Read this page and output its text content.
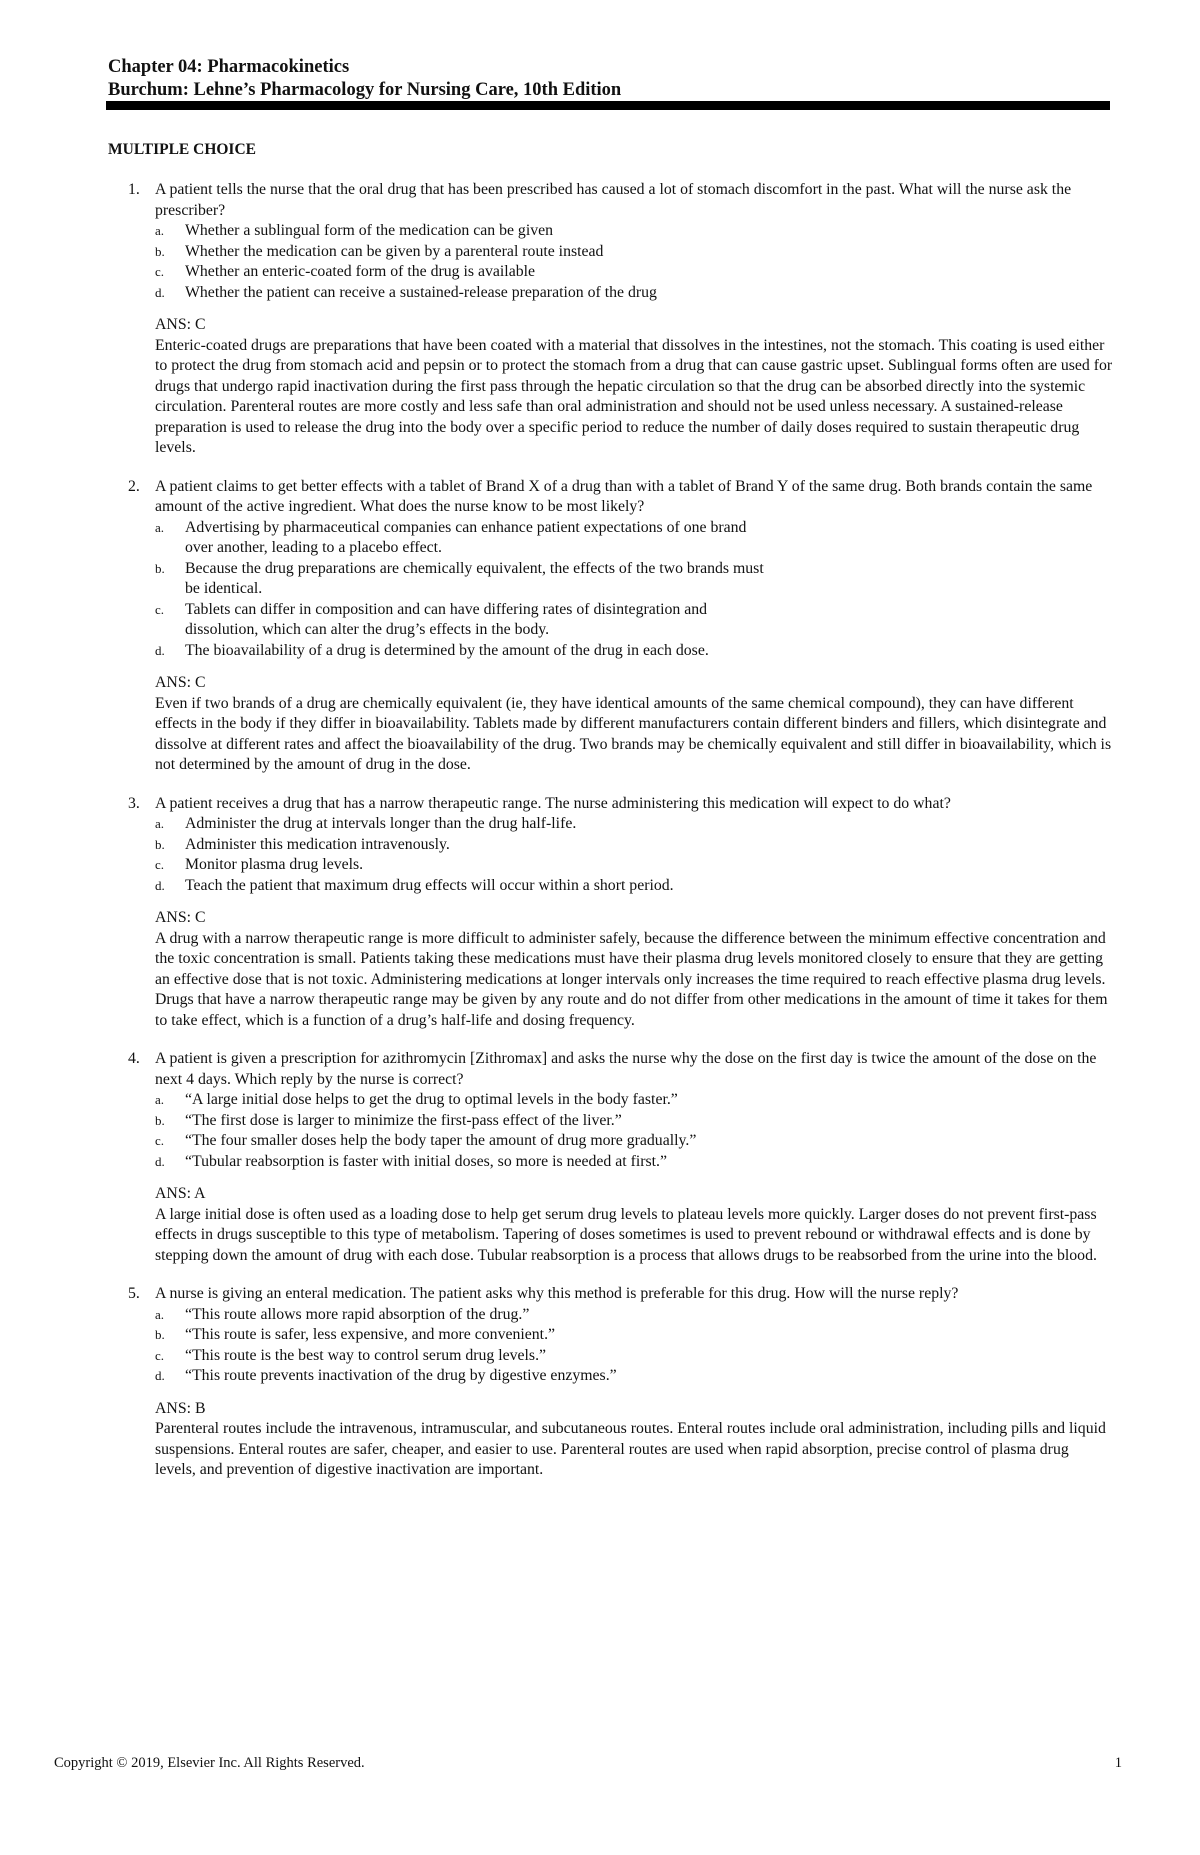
Chapter 04: Pharmacokinetics
Burchum: Lehne’s Pharmacology for Nursing Care, 10th Edition
MULTIPLE CHOICE
1. A patient tells the nurse that the oral drug that has been prescribed has caused a lot of stomach discomfort in the past. What will the nurse ask the prescriber?

a. Whether a sublingual form of the medication can be given
b. Whether the medication can be given by a parenteral route instead
c. Whether an enteric-coated form of the drug is available
d. Whether the patient can receive a sustained-release preparation of the drug
ANS: C

Enteric-coated drugs are preparations that have been coated with a material that dissolves in the intestines, not the stomach. This coating is used either to protect the drug from stomach acid and pepsin or to protect the stomach from a drug that can cause gastric upset. Sublingual forms often are used for drugs that undergo rapid inactivation during the first pass through the hepatic circulation so that the drug can be absorbed directly into the systemic circulation. Parenteral routes are more costly and less safe than oral administration and should not be used unless necessary. A sustained-release preparation is used to release the drug into the body over a specific period to reduce the number of daily doses required to sustain therapeutic drug levels.

2. A patient claims to get better effects with a tablet of Brand X of a drug than with a tablet of Brand Y of the same drug. Both brands contain the same amount of the active ingredient. What does the nurse know to be most likely?

a. Advertising by pharmaceutical companies can enhance patient expectations of one brand over another, leading to a placebo effect.
b. Because the drug preparations are chemically equivalent, the effects of the two brands must be identical.
c. Tablets can differ in composition and can have differing rates of disintegration and dissolution, which can alter the drug’s effects in the body.
d. The bioavailability of a drug is determined by the amount of the drug in each dose.
ANS: C

Even if two brands of a drug are chemically equivalent (ie, they have identical amounts of the same chemical compound), they can have different effects in the body if they differ in bioavailability. Tablets made by different manufacturers contain different binders and fillers, which disintegrate and dissolve at different rates and affect the bioavailability of the drug. Two brands may be chemically equivalent and still differ in bioavailability, which is not determined by the amount of drug in the dose.

3. A patient receives a drug that has a narrow therapeutic range. The nurse administering this medication will expect to do what?

a. Administer the drug at intervals longer than the drug half-life.
b. Administer this medication intravenously.
c. Monitor plasma drug levels.
d. Teach the patient that maximum drug effects will occur within a short period.
ANS: C

A drug with a narrow therapeutic range is more difficult to administer safely, because the difference between the minimum effective concentration and the toxic concentration is small. Patients taking these medications must have their plasma drug levels monitored closely to ensure that they are getting an effective dose that is not toxic. Administering medications at longer intervals only increases the time required to reach effective plasma drug levels. Drugs that have a narrow therapeutic range may be given by any route and do not differ from other medications in the amount of time it takes for them to take effect, which is a function of a drug’s half-life and dosing frequency.

4. A patient is given a prescription for azithromycin [Zithromax] and asks the nurse why the dose on the first day is twice the amount of the dose on the next 4 days. Which reply by the nurse is correct?

a. “A large initial dose helps to get the drug to optimal levels in the body faster.”
b. “The first dose is larger to minimize the first-pass effect of the liver.”
c. “The four smaller doses help the body taper the amount of drug more gradually.”
d. “Tubular reabsorption is faster with initial doses, so more is needed at first.”
ANS: A

A large initial dose is often used as a loading dose to help get serum drug levels to plateau levels more quickly. Larger doses do not prevent first-pass effects in drugs susceptible to this type of metabolism. Tapering of doses sometimes is used to prevent rebound or withdrawal effects and is done by stepping down the amount of drug with each dose. Tubular reabsorption is a process that allows drugs to be reabsorbed from the urine into the blood.

5. A nurse is giving an enteral medication. The patient asks why this method is preferable for this drug. How will the nurse reply?

a. “This route allows more rapid absorption of the drug.”
b. “This route is safer, less expensive, and more convenient.”
c. “This route is the best way to control serum drug levels.”
d. “This route prevents inactivation of the drug by digestive enzymes.”
ANS: B

Parenteral routes include the intravenous, intramuscular, and subcutaneous routes. Enteral routes include oral administration, including pills and liquid suspensions. Enteral routes are safer, cheaper, and easier to use. Parenteral routes are used when rapid absorption, precise control of plasma drug levels, and prevention of digestive inactivation are important.

Copyright © 2019, Elsevier Inc. All Rights Reserved.	1
